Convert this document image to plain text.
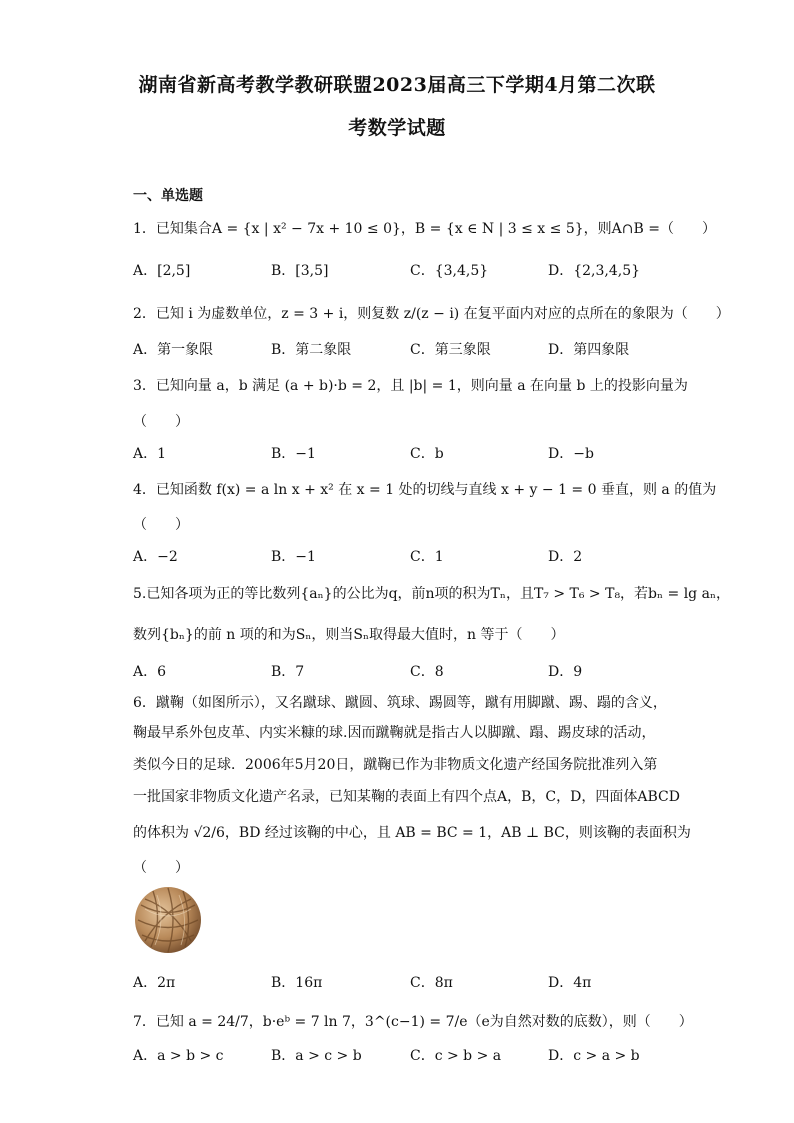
湖南省新高考教学教研联盟2023届高三下学期4月第二次联
考数学试题
一、单选题
1．已知集合A = {x | x² − 7x + 10 ≤ 0}，B = {x ∈ N | 3 ≤ x ≤ 5}，则A∩B =（　　）
A．[2,5]	B．[3,5]	C．{3,4,5}	D．{2,3,4,5}
2．已知 i 为虚数单位，z = 3 + i，则复数 z/(z − i) 在复平面内对应的点所在的象限为（　　）
A．第一象限	B．第二象限	C．第三象限	D．第四象限
3．已知向量 a，b 满足 (a + b)·b = 2，且 |b| = 1，则向量 a 在向量 b 上的投影向量为
（　　）
A．1	B．−1	C．b	D．−b
4．已知函数 f(x) = a ln x + x² 在 x = 1 处的切线与直线 x + y − 1 = 0 垂直，则 a 的值为
（　　）
A．−2	B．−1	C．1	D．2
5.已知各项为正的等比数列{aₙ}的公比为q，前n项的积为Tₙ，且T₇ > T₆ > T₈，若bₙ = lg aₙ，
数列{bₙ}的前 n 项的和为Sₙ，则当Sₙ取得最大值时，n 等于（　　）
A．6	B．7	C．8	D．9
6．蹴鞠（如图所示），又名蹴球、蹴圆、筑球、踢圆等，蹴有用脚蹴、踢、蹋的含义，
鞠最早系外包皮革、内实米糠的球.因而蹴鞠就是指古人以脚蹴、蹋、踢皮球的活动，
类似今日的足球．2006年5月20日，蹴鞠已作为非物质文化遗产经国务院批准列入第
一批国家非物质文化遗产名录，已知某鞠的表面上有四个点A，B，C，D，四面体ABCD
的体积为 √2/6，BD 经过该鞠的中心，且 AB = BC = 1，AB ⊥ BC，则该鞠的表面积为
（　　）
A．2π	B．16π	C．8π	D．4π
7．已知 a = 24/7，b·eᵇ = 7 ln 7，3^(c−1) = 7/e（e为自然对数的底数），则（　　）
A．a > b > c	B．a > c > b	C．c > b > a	D．c > a > b
